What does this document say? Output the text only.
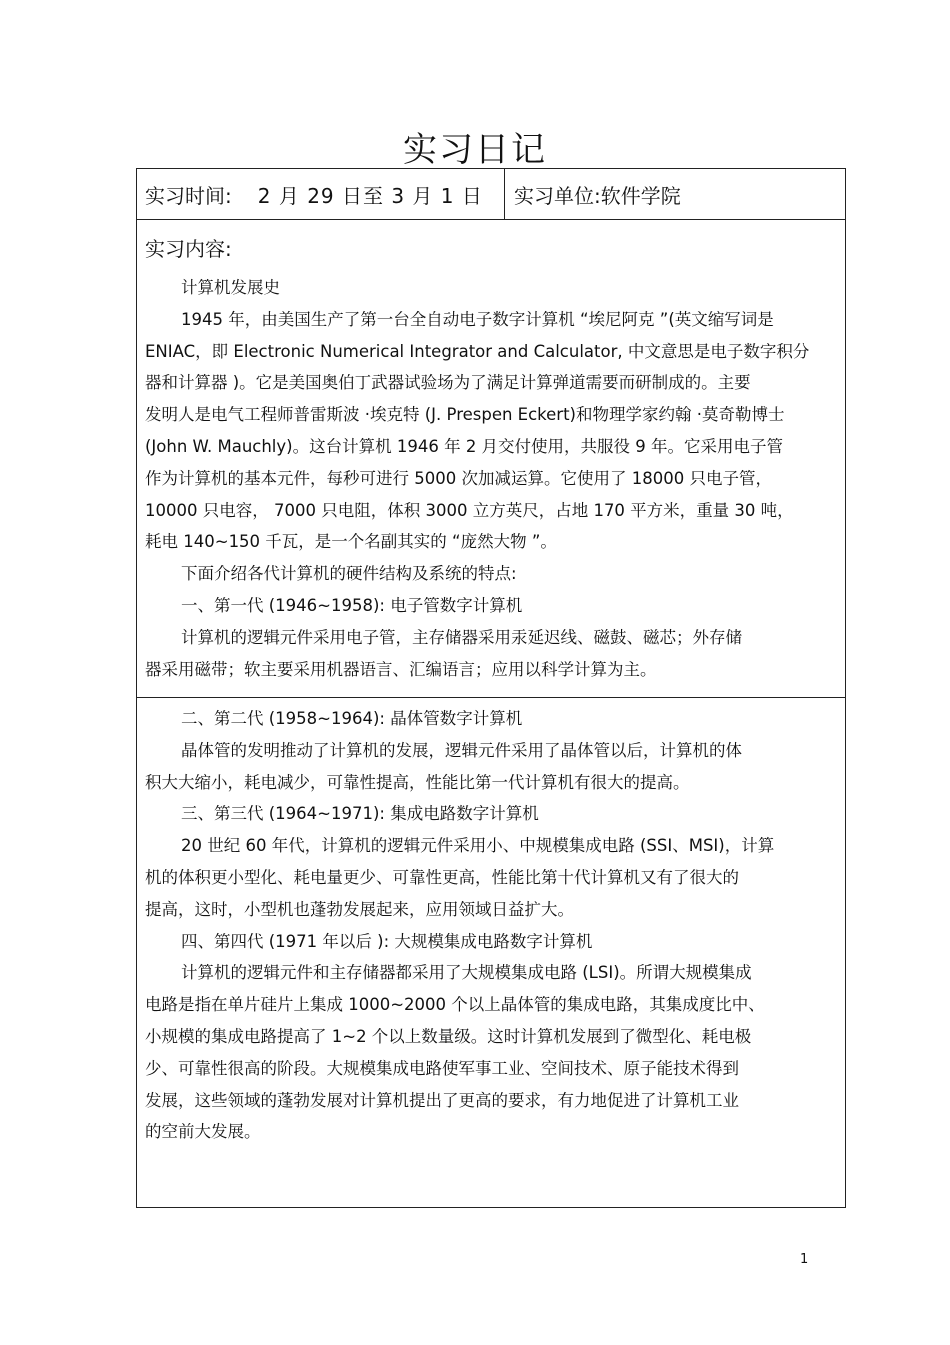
实习日记
实习时间: 2 月 29 日至 3 月 1 日	实习单位:软件学院
实习内容:

计算机发展史

1945 年，由美国生产了第一台全自动电子数字计算机 “埃尼阿克 ”(英文缩写词是

ENIAC，即 Electronic Numerical Integrator and Calculator, 中文意思是电子数字积分

器和计算器 )。它是美国奥伯丁武器试验场为了满足计算弹道需要而研制成的。主要

发明人是电气工程师普雷斯波 ·埃克特 (J. Prespen Eckert)和物理学家约翰 ·莫奇勒博士

(John W. Mauchly)。这台计算机 1946 年 2 月交付使用，共服役 9 年。它采用电子管

作为计算机的基本元件，每秒可进行 5000 次加减运算。它使用了 18000 只电子管，

10000 只电容， 7000 只电阻，体积 3000 立方英尺，占地 170 平方米，重量 30 吨，

耗电 140~150 千瓦，是一个名副其实的 “庞然大物 ”。

下面介绍各代计算机的硬件结构及系统的特点:

一、第一代 (1946~1958): 电子管数字计算机

计算机的逻辑元件采用电子管，主存储器采用汞延迟线、磁鼓、磁芯；外存储

器采用磁带；软主要采用机器语言、汇编语言；应用以科学计算为主。

二、第二代 (1958~1964): 晶体管数字计算机

晶体管的发明推动了计算机的发展，逻辑元件采用了晶体管以后，计算机的体

积大大缩小，耗电减少，可靠性提高，性能比第一代计算机有很大的提高。

三、第三代 (1964~1971): 集成电路数字计算机

20 世纪 60 年代，计算机的逻辑元件采用小、中规模集成电路 (SSI、MSI)，计算

机的体积更小型化、耗电量更少、可靠性更高，性能比第十代计算机又有了很大的

提高，这时，小型机也蓬勃发展起来，应用领域日益扩大。

四、第四代 (1971 年以后 ): 大规模集成电路数字计算机

计算机的逻辑元件和主存储器都采用了大规模集成电路 (LSI)。所谓大规模集成

电路是指在单片硅片上集成 1000~2000 个以上晶体管的集成电路，其集成度比中、

小规模的集成电路提高了 1~2 个以上数量级。这时计算机发展到了微型化、耗电极

少、可靠性很高的阶段。大规模集成电路使军事工业、空间技术、原子能技术得到

发展，这些领域的蓬勃发展对计算机提出了更高的要求，有力地促进了计算机工业

的空前大发展。

1
